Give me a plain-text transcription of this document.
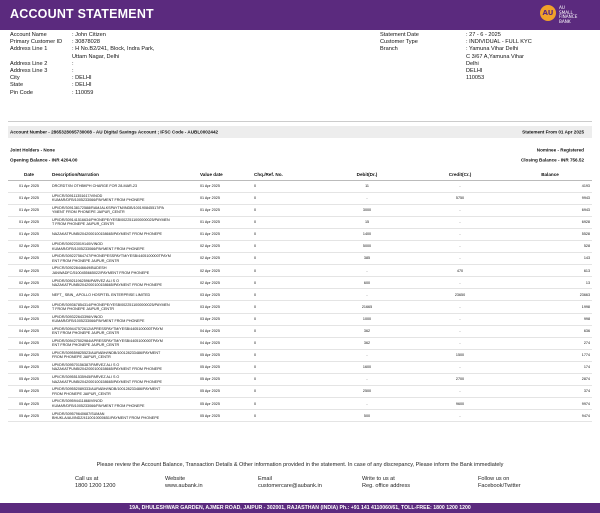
ACCOUNT STATEMENT	AU
AU
SMALL
FINANCE
BANK
Account Name	: John Citizen
Primary Customer ID	: 30878028
Address Line 1	: H No.B2/241, Block, Indra Park,
Uttam Nagar, Delhi
Address Line 2	:
Address Line 3	:
City	: DELHI
State	: DELHI
Pin Code	: 110059
Statement Date	: 27 - 6 - 2025
Customer Type	: INDIVIDUAL - FULL KYC
Branch	: Yamuna Vihar Delhi
C 3/67 A,Yamuna Vihar
Delhi
DELHI
110053
Account Number - 2865328065730008 - AU Digital Savings Account ; IFSC Code - AUBL0002442	Statement From 01 Apr 2025
Joint Holders - None	Nominee - Registered
Opening Balance - INR 4204.00	Closing Balance - INR 756.52
Date	Description/Narration	Value date	Chq./Ref. No.	Debit(Dr.)	Credit(Cr.)	Balance
01 Apr 2025	DRCRDTXN OTHBKPH CHARGE FOR 28-MAR-23	01 Apr 2025	0	11	-	4193
01 Apr 2025	UPI/CR/309111351617/VINOD
KUMAR/DFB/1005233066/PAYMENT FROM PHONEPE	01 Apr 2025	0	-	5750	9943
01 Apr 2025	UPI/DR/309138172588/RAMJALKSPAYTM/INDB/100190845517/PA
YMENT FROM PHONEPE JAIPUR_CENTR	01 Apr 2025	0	3000	-	6943
01 Apr 2025	UPI/DR/309141516634/PHONEPE/YESB/0022511000000025/PAYMEN
T FROM PHONEPE JAIPUR_CENTR	01 Apr 2025	0	15	-	6928
01 Apr 2025	NAZAKATPUNB/2042000100158665/PAYMENT FROM PHONEPE	01 Apr 2025	0	1400	-	5528
02 Apr 2025	UPI/DR/309223019140/VINOD
KUMAR/DFB/1005233066/PAYMENT FROM PHONEPE	02 Apr 2025	0	5000	-	528
02 Apr 2025	UPI/DR/309227564747/PHONEPESSPAYTM/YESB/4405100000TPAYM
ENT FROM PHONEPE JAIPUR_CENTR	02 Apr 2025	0	385	-	143
02 Apr 2025	UPI/CR/309228446649/BUDESH
JANWADFC/5100455665022/PAYMENT FROM PHONEPE	02 Apr 2025	0	-	470	613
02 Apr 2025	UPI/DR/309211962596/PARVEZ ALI S O
NAZAKATPUNB/2042000100158665/PAYMENT FROM PHONEPE	02 Apr 2025	0	600	-	13
03 Apr 2025	NEFT_ SBIN_ APOLLO HOSPITEL ENTERPRISE LIMITED	03 Apr 2025	0	-	23650	23663
03 Apr 2025	UPI/DR/309367854314/PHONEPE/YESB/0022511000000025/PAYMEN
T FROM PHONEPE JAIPUR_CENTR	03 Apr 2025	0	21665	-	1998
03 Apr 2025	UPI/DR/309322643396/VINOD
KUMAR/DFB/1005233066/PAYMENT FROM PHONEPE	03 Apr 2025	0	1000	-	998
04 Apr 2025	UPI/DR/309447572612/APRESSPAYTM/YESB/4405100000TPAYM
ENT FROM PHONEPE JAIPUR_CENTR	04 Apr 2025	0	362	-	636
04 Apr 2025	UPI/DR/309427502984/APRESSPAYTM/YESB/4405100000TPAYM
ENT FROM PHONEPE JAIPUR_CENTR	04 Apr 2025	0	362	-	274
05 Apr 2025	UPI/CR/309559825523/AURABH/INDB/100128233486/PAYMENT
FROM PHONEPE JAIPUR_CENTR	05 Apr 2025	0	-	1500	1774
05 Apr 2025	UPI/DR/309570156387/PARVEZ ALI S O
NAZAKATPUNB/2042000100158665/PAYMENT FROM PHONEPE	05 Apr 2025	0	1600	-	174
05 Apr 2025	UPI/CR/309551535945/PARVEZ ALI S O
NAZAKATPUNB/2042000100158665/PAYMENT FROM PHONEPE	05 Apr 2025	0	-	2700	2874
05 Apr 2025	UPI/DR/309552089333/AURABH/INDB/100128233486/PAYMENT
FROM PHONEPE JAIPUR_CENTR	05 Apr 2025	0	2500	-	374
05 Apr 2025	UPI/CR/309594411868/VINOD
KUMAR/DFB/1005233066/PAYMENT FROM PHONEPE	05 Apr 2025	0	-	9600	9974
05 Apr 2025	UPI/DR/309579640687/SUMAN
BHUKLA/AU/INDZ/4110010000651/PAYMENT FROM PHONEPE	05 Apr 2025	0	500	-	9474
Please review the Account Balance, Transaction Details & Other information provided in the statement. In case of any discrepancy, Please inform the Bank immediately
Call us at
1800 1200 1200
Website
www.aubank.in
Email
customercare@aubank.in
Write to us at
Reg. office address
Follow us on
Facebook/Twitter
19A, DHULESHWAR GARDEN, AJMER ROAD, JAIPUR - 302001, RAJASTHAN (INDIA) Ph.: +91 141 4110060/61, TOLL-FREE: 1800 1200 1200
